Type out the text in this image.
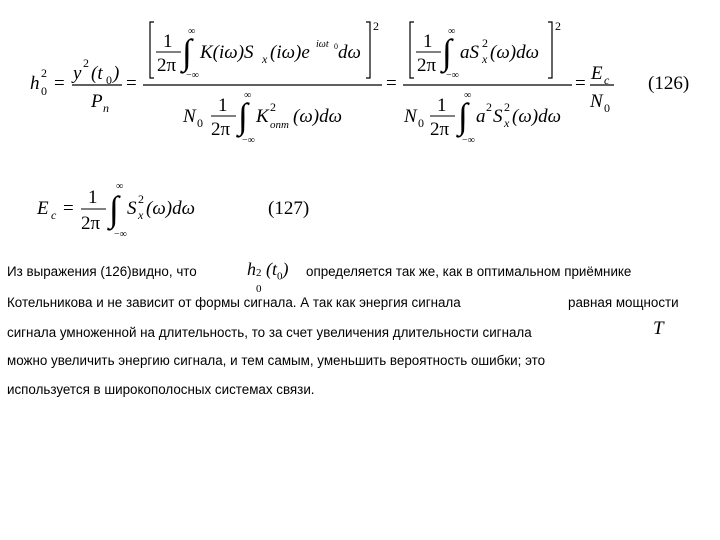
h 2
0 = y 2 (t 0 )
P n
=
2
1
2π
∞
∫
−∞
K(iω)S x (iω)e iωt 0 dω
N 0
1
2π
∞
∫
−∞
K 2
опт (ω)dω
=
2
1
2π
∞
∫
−∞
aS 2
x (ω)dω
N 0
1
2π
∞
∫
−∞
a 2 S 2
x (ω)dω
= E c
N 0
(126)
E c =
1
2π
∞
∫
−∞
S 2
x (ω)dω	(127)
Из выражения (126)видно, что	h 2
0
$(t_0)$ определяется так же, как в оптимальном приёмнике
Котельникова и не зависит от формы сигнала. А так как энергия сигнала	равная мощности
сигнала умноженной на длительность, то за счет увеличения длительности сигнала	T
можно увеличить энергию сигнала, и тем самым, уменьшить вероятность ошибки; это
используется в широкополосных системах связи.
